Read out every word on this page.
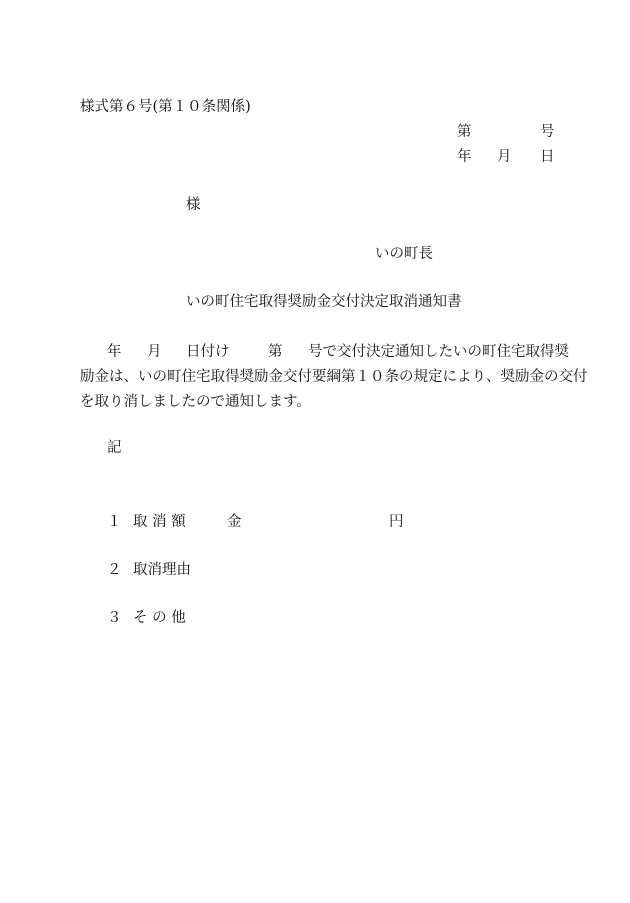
様式第６号(第１０条関係)
第	号
年 月 日
様
いの町長
いの町住宅取得奨励金交付決定取消通知書
年 月 日付け	第 号で交付決定通知したいの町住宅取得奨
励金は、いの町住宅取得奨励金交付要綱第１０条の規定により、奨励金の交付
を取り消しましたので通知します。
記
１ 取 消 額	金	円
２ 取消理由
３ そ の 他
